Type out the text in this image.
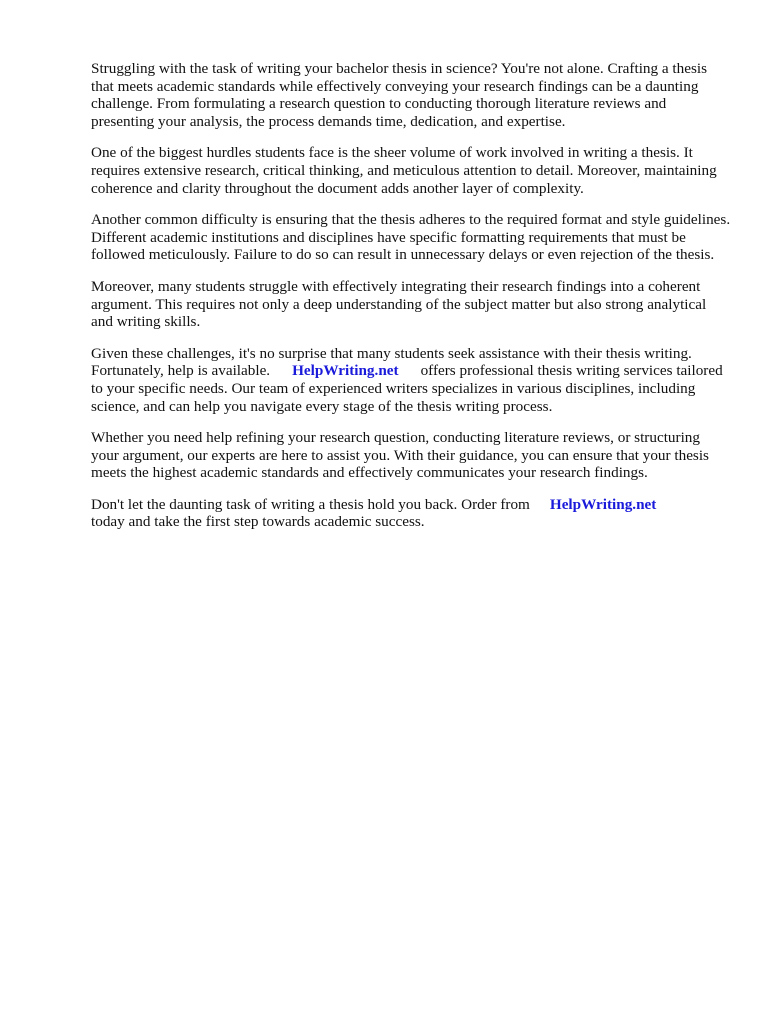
Struggling with the task of writing your bachelor thesis in science? You're not alone. Crafting a thesis that meets academic standards while effectively conveying your research findings can be a daunting challenge. From formulating a research question to conducting thorough literature reviews and presenting your analysis, the process demands time, dedication, and expertise.

One of the biggest hurdles students face is the sheer volume of work involved in writing a thesis. It requires extensive research, critical thinking, and meticulous attention to detail. Moreover, maintaining coherence and clarity throughout the document adds another layer of complexity.

Another common difficulty is ensuring that the thesis adheres to the required format and style guidelines. Different academic institutions and disciplines have specific formatting requirements that must be followed meticulously. Failure to do so can result in unnecessary delays or even rejection of the thesis.

Moreover, many students struggle with effectively integrating their research findings into a coherent argument. This requires not only a deep understanding of the subject matter but also strong analytical and writing skills.

Given these challenges, it's no surprise that many students seek assistance with their thesis writing. Fortunately, help is available. HelpWriting.net offers professional thesis writing services tailored to your specific needs. Our team of experienced writers specializes in various disciplines, including science, and can help you navigate every stage of the thesis writing process.

Whether you need help refining your research question, conducting literature reviews, or structuring your argument, our experts are here to assist you. With their guidance, you can ensure that your thesis meets the highest academic standards and effectively communicates your research findings.

Don't let the daunting task of writing a thesis hold you back. Order from HelpWriting.net
today and take the first step towards academic success.
